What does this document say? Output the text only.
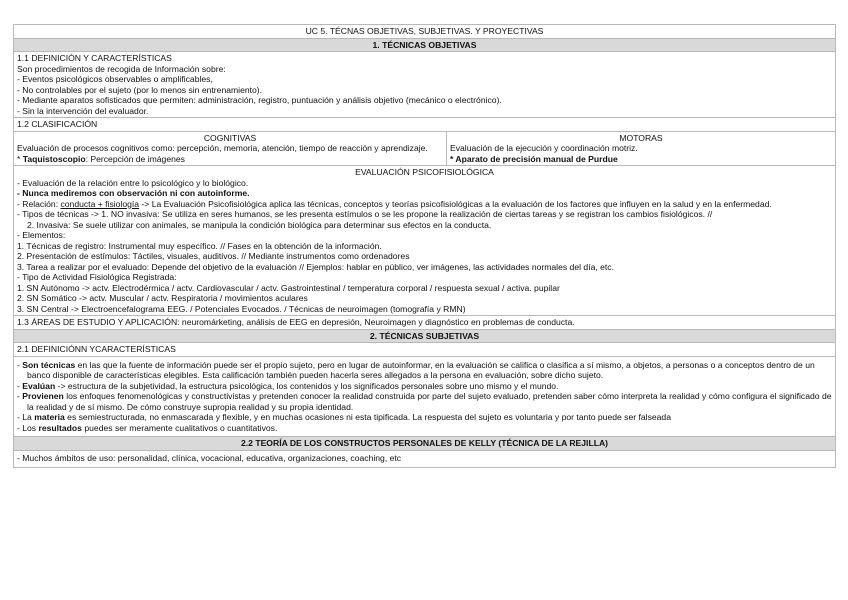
UC 5. TÉCNAS OBJETIVAS, SUBJETIVAS. Y PROYECTIVAS
1. TÉCNICAS OBJETIVAS

1.1 DEFINICIÓN Y CARACTERÍSTICAS
Son procedimientos de recogida de Información sobre:
- Eventos psicológicos observables o amplificables,
- No controlables por el sujeto (por lo menos sin entrenamiento).
- Mediante aparatos sofisticados que permiten: administración, registro, puntuación y análisis objetivo (mecánico o electrónico).
- Sin la intervención del evaluador.

1.2 CLASIFICACIÓN

COGNITIVAS
Evaluación de procesos cognitivos como: percepción, memoria, atención, tiempo de reacción y aprendizaje.
* Taquistoscopio: Percepción de imágenes

MOTORAS
Evaluación de la ejecución y coordinación motriz.
* Aparato de precisión manual de Purdue

EVALUACIÓN PSICOFISIOLÓGICA
- Evaluación de la relación entre lo psicológico y lo biológico.
- Nunca mediremos con observación ni con autoinforme.
- Relación: conducta + fisiología -> La Evaluación Psicofisiológica aplica las técnicas, conceptos y teorías psicofisiológicas a la evaluación de los factores que influyen en la salud y en la enfermedad.
- Tipos de técnicas -> 1. NO invasiva: Se utiliza en seres humanos, se les presenta estímulos o se les propone la realización de ciertas tareas y se registran los cambios fisiológicos. //
2. Invasiva: Se suele utilizar con animales, se manipula la condición biológica para determinar sus efectos en la conducta.
- Elementos:
1. Técnicas de registro: Instrumental muy específico. // Fases en la obtención de la información.
2. Presentación de estímulos: Táctiles, visuales, auditivos. // Mediante instrumentos como ordenadores
3. Tarea a realizar por el evaluado: Depende del objetivo de la evaluación // Ejemplos: hablar en público, ver imágenes, las actividades normales del día, etc.
- Tipo de Actividad Fisiológica Registrada:
1. SN Autónomo -> actv. Electrodérmica / actv. Cardiovascular / actv. Gastrointestinal / temperatura corporal / respuesta sexual / activa. pupilar
2. SN Somático -> actv. Muscular / actv. Respiratoria / movimientos aculares
3. SN Central -> Electroencefalograma EEG. / Potenciales Evocados. / Técnicas de neuroimagen (tomografía y RMN)

1.3 ÁREAS DE ESTUDIO Y APLICACIÓN: neuromárketing, análisis de EEG en depresión, Neuroimagen y diagnóstico en problemas de conducta.
2. TÉCNICAS SUBJETIVAS
2.1 DEFINICIÓNN YCARACTERÍSTICAS

- Son técnicas en las que la fuente de información puede ser el propio sujeto, pero en lugar de autoinformar, en la evaluación se califica o clasifica a sí mismo, a objetos, a personas o a conceptos dentro de un banco disponible de características elegibles. Esta calificación también pueden hacerla seres allegados a la persona en evaluación, sobre dicho sujeto.
- Evalúan -> estructura de la subjetividad, la estructura psicológica, los contenidos y los significados personales sobre uno mismo y el mundo.
- Provienen los enfoques fenomenológicas y constructivistas y pretenden conocer la realidad construida por parte del sujeto evaluado, pretenden saber cómo interpreta la realidad y cómo configura el significado de la realidad y de sí mismo. De cómo construye supropia realidad y su propia identidad.
- La materia es semiestructurada, no enmascarada y flexible, y en muchas ocasiones ni esta tipificada. La respuesta del sujeto es voluntaria y por tanto puede ser falseada
- Los resultados puedes ser meramente cualitativos o cuantitativos.

2.2 TEORÍA DE LOS CONSTRUCTOS PERSONALES DE KELLY (TÉCNICA DE LA REJILLA)
- Muchos ámbitos de uso: personalidad, clínica, vocacional, educativa, organizaciones, coaching, etc
